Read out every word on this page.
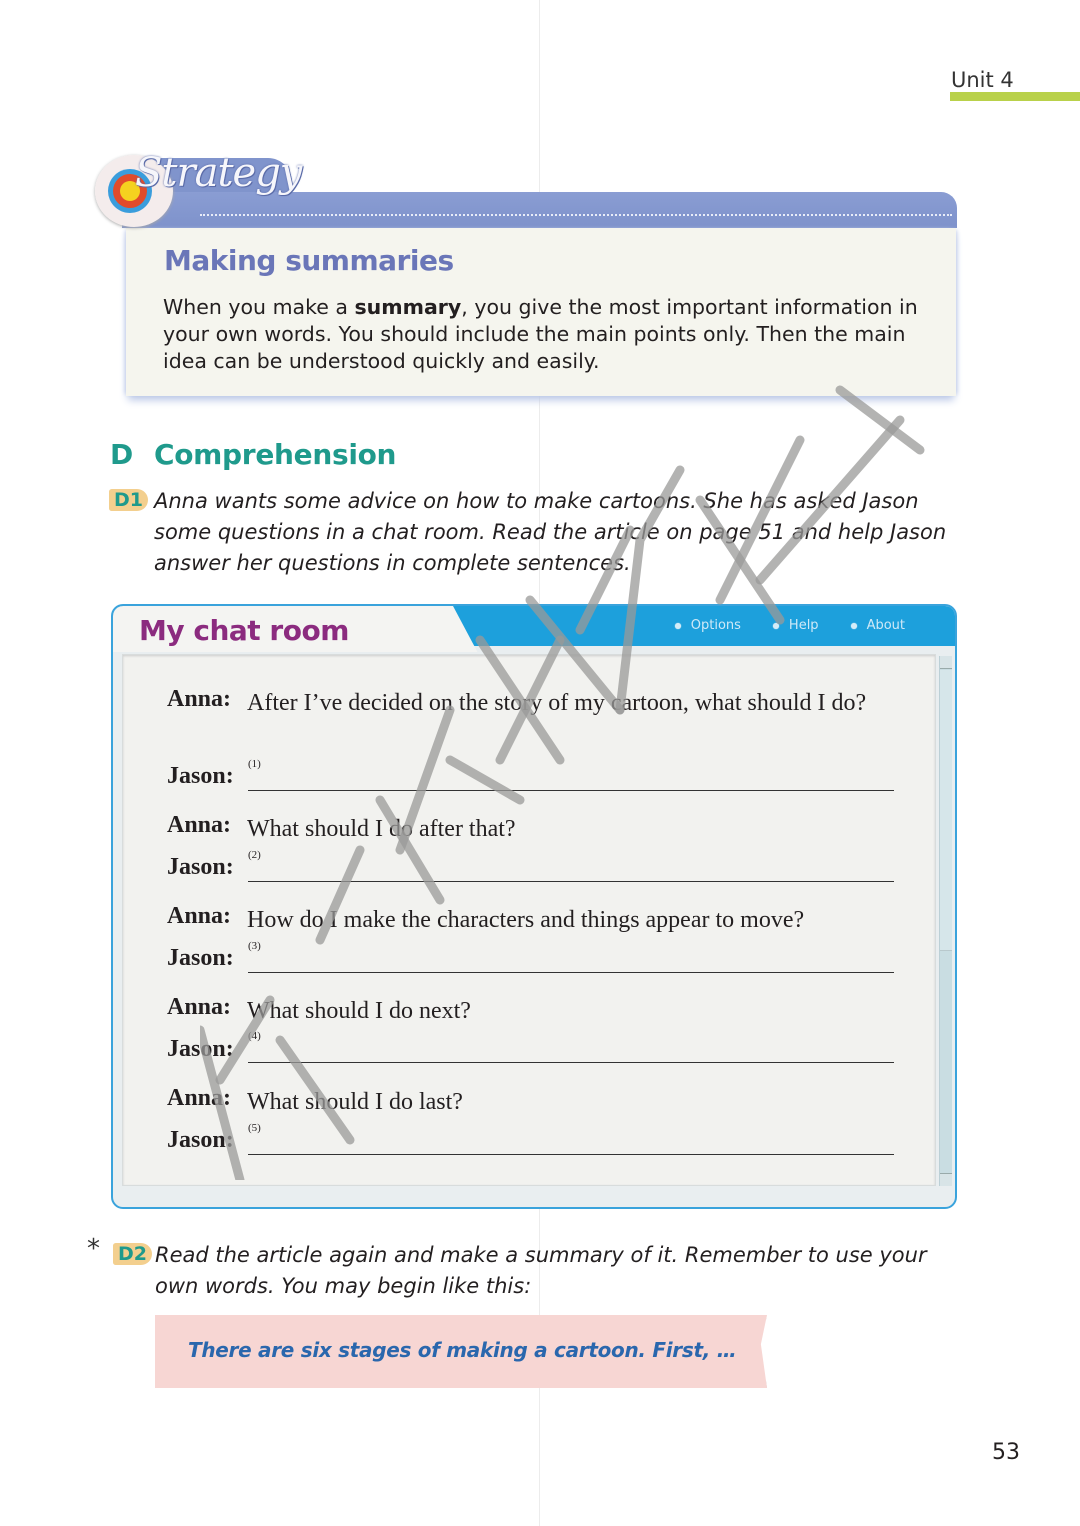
Unit 4
Strategy
Making summaries
When you make a summary, you give the most important information in your own words. You should include the main points only. Then the main idea can be understood quickly and easily.
D Comprehension
D1 Anna wants some advice on how to make cartoons. She has asked Jason some questions in a chat room. Read the article on page 51 and help Jason answer her questions in complete sentences.
My chat room	Options	Help	About
Anna: After I’ve decided on the story of my cartoon, what should I do?
Jason:	(1)
Anna: What should I do after that?
Jason:	(2)
Anna: How do I make the characters and things appear to move?
Jason:	(3)
Anna: What should I do next?
Jason:	(4)
Anna: What should I do last?
Jason:	(5)
* D2 Read the article again and make a summary of it. Remember to use your own words. You may begin like this:
There are six stages of making a cartoon. First, …
53
